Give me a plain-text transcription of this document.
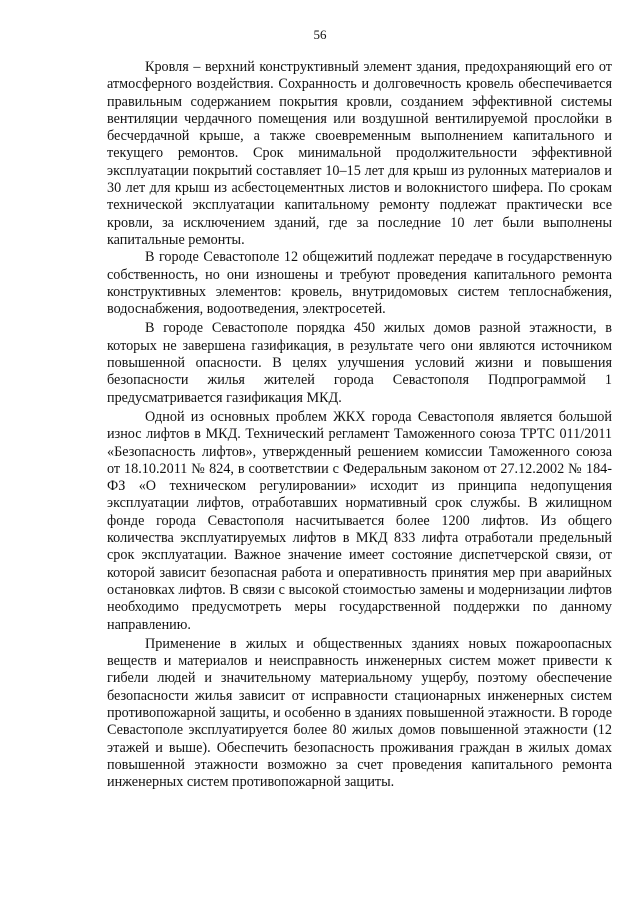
56

Кровля – верхний конструктивный элемент здания, предохраняющий его от атмосферного воздействия. Сохранность и долговечность кровель обеспечивается правильным содержанием покрытия кровли, созданием эффективной системы вентиляции чердачного помещения или воздушной вентилируемой прослойки в бесчердачной крыше, а также своевременным выполнением капитального и текущего ремонтов. Срок минимальной продолжительности эффективной эксплуатации покрытий составляет 10–15 лет для крыш из рулонных материалов и 30 лет для крыш из асбестоцементных листов и волокнистого шифера. По срокам технической эксплуатации капитальному ремонту подлежат практически все кровли, за исключением зданий, где за последние 10 лет были выполнены капитальные ремонты.

В городе Севастополе 12 общежитий подлежат передаче в государственную собственность, но они изношены и требуют проведения капитального ремонта конструктивных элементов: кровель, внутридомовых систем теплоснабжения, водоснабжения, водоотведения, электросетей.

В городе Севастополе порядка 450 жилых домов разной этажности, в которых не завершена газификация, в результате чего они являются источником повышенной опасности. В целях улучшения условий жизни и повышения безопасности жилья жителей города Севастополя Подпрограммой 1 предусматривается газификация МКД.

Одной из основных проблем ЖКХ города Севастополя является большой износ лифтов в МКД. Технический регламент Таможенного союза ТРТС 011/2011 «Безопасность лифтов», утвержденный решением комиссии Таможенного союза от 18.10.2011 № 824, в соответствии с Федеральным законом от 27.12.2002 № 184-ФЗ «О техническом регулировании» исходит из принципа недопущения эксплуатации лифтов, отработавших нормативный срок службы. В жилищном фонде города Севастополя насчитывается более 1200 лифтов. Из общего количества эксплуатируемых лифтов в МКД 833 лифта отработали предельный срок эксплуатации. Важное значение имеет состояние диспетчерской связи, от которой зависит безопасная работа и оперативность принятия мер при аварийных остановках лифтов. В связи с высокой стоимостью замены и модернизации лифтов необходимо предусмотреть меры государственной поддержки по данному направлению.

Применение в жилых и общественных зданиях новых пожароопасных веществ и материалов и неисправность инженерных систем может привести к гибели людей и значительному материальному ущербу, поэтому обеспечение безопасности жилья зависит от исправности стационарных инженерных систем противопожарной защиты, и особенно в зданиях повышенной этажности. В городе Севастополе эксплуатируется более 80 жилых домов повышенной этажности (12 этажей и выше). Обеспечить безопасность проживания граждан в жилых домах повышенной этажности возможно за счет проведения капитального ремонта инженерных систем противопожарной защиты.
